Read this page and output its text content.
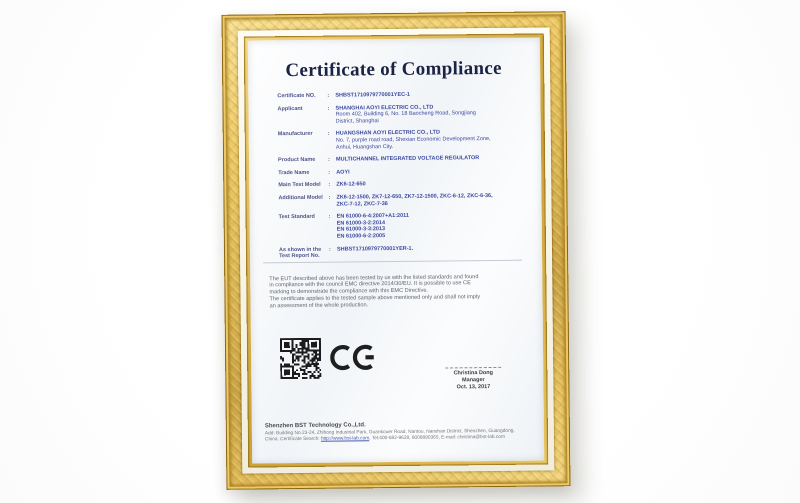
Certificate of Compliance
Certificate NO.	:	SHBST1710979770001YEC-1
Applicant	:	SHANGHAI AOYI ELECTRIC CO., LTD
Room 402, Building 6, No. 18 Baocheng Road, Songjiang
District, Shanghai
Manufacturer	:	HUANGSHAN AOYI ELECTRIC CO., LTD
No. 7, purple road road, Shexian Economic Development Zone,
Anhui, Huangshan City.
Product Name	:	MULTICHANNEL INTEGRATED VOLTAGE REGULATOR
Trade Name	:	AOYI
Main Test Model	:	ZK6-12-650
Additional Model	:	ZK6-12-1500, ZK7-12-650, ZK7-12-1500, ZKC-6-12, ZKC-6-36,
ZKC-7-12, ZKC-7-36
Test Standard	:	EN 61000-6-4:2007+A1:2011
EN 61000-3-2:2014
EN 61000-3-3:2013
EN 61000-6-2:2005
As shown in the
Test Report No.
:	SHBST1710979770001YER-1.
The EUT described above has been tested by us with the listed standards and found
in compliance with the council EMC directive 2014/30/EU. It is possible to use CE
marking to demonstrate the compliance with this EMC Directive.
The certificate applies to the tested sample above mentioned only and shall not imply
an assessment of the whole production.
Christina Dong
Manager
Oct. 13, 2017
Shenzhen BST Technology Co.,Ltd.
Add: Building No.23-24, Zhihong Industrial Park, Guankouer Road, Nantou, Nanshan District, Shenzhen, Guangdong,
China. Certificate Search: http://www.bst-lab.com, Tel:400-682-9628, 8008890365, E-mail: christina@bst-lab.com
